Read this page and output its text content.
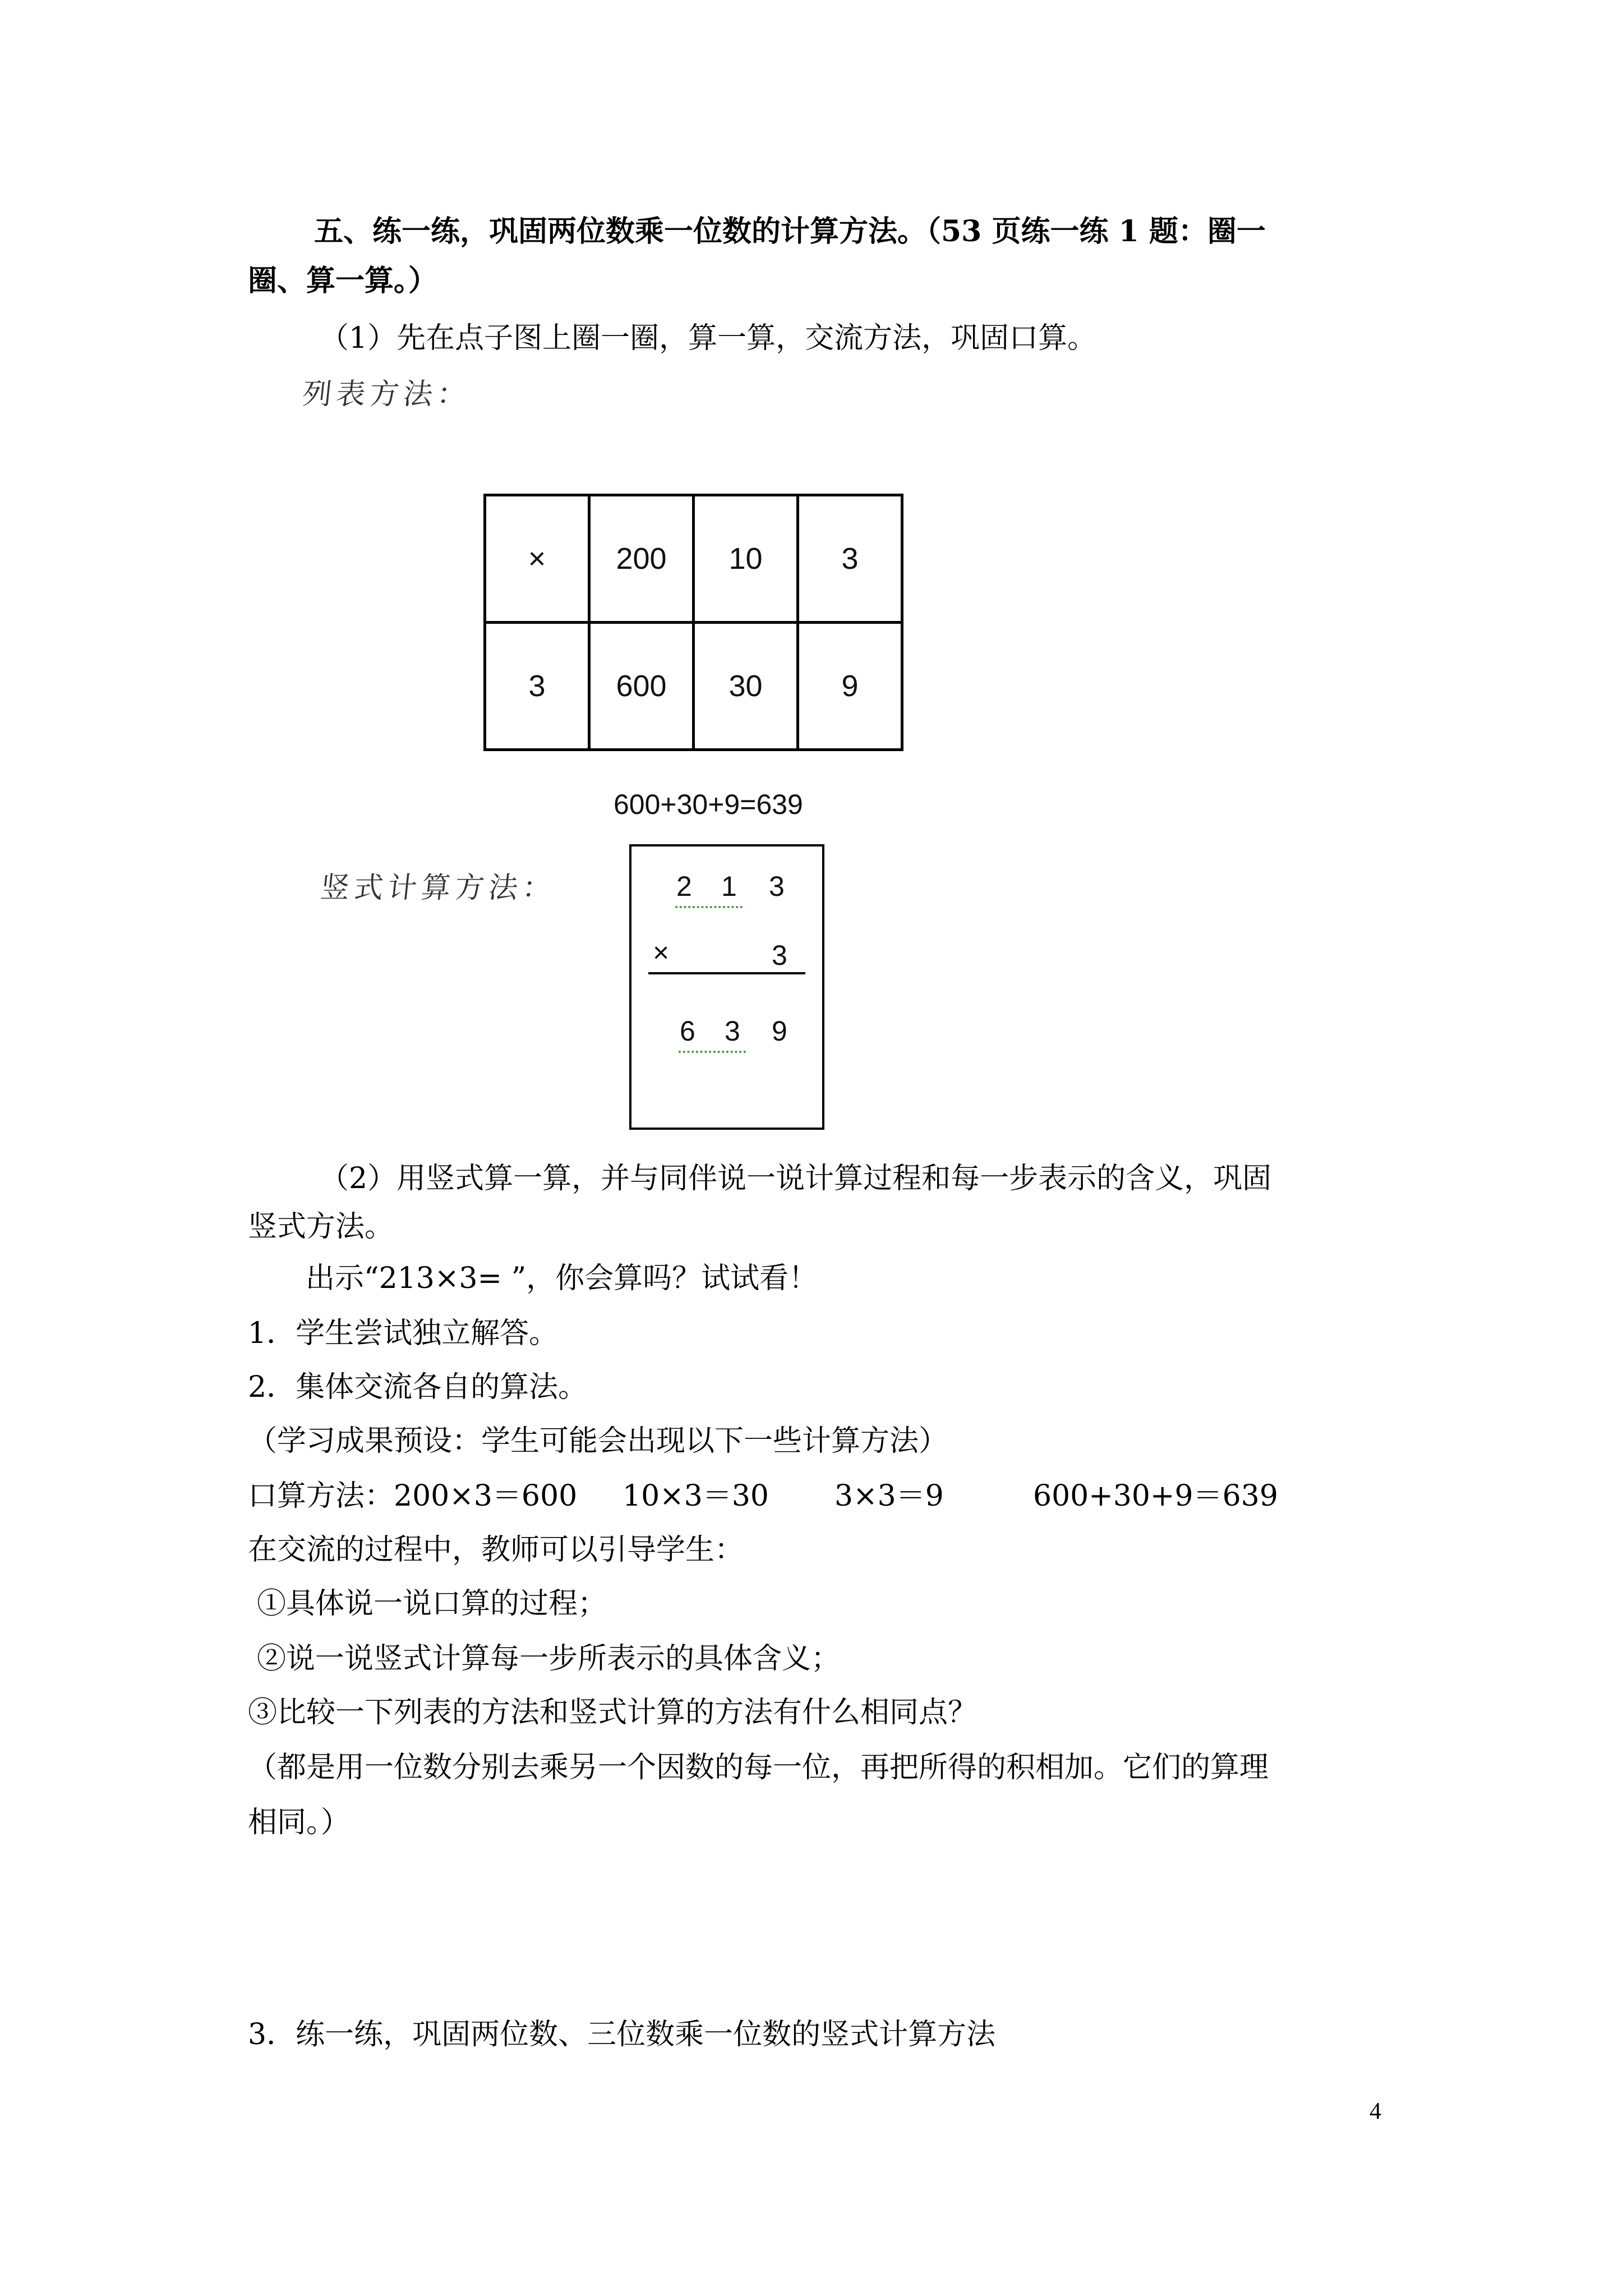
五、练一练，巩固两位数乘一位数的计算方法。（53 页练一练 1 题：圈一
圈、算一算。）
（1）先在点子图上圈一圈，算一算，交流方法，巩固口算。
列表方法：
×	200	10	3
3	600	30	9
600+30+9=639
竖式计算方法：	2 1 3
×	3
6 3 9
（2）用竖式算一算，并与同伴说一说计算过程和每一步表示的含义，巩固
竖式方法。
出示“213×3= ”，你会算吗？试试看！
1．学生尝试独立解答。
2．集体交流各自的算法。
（学习成果预设：学生可能会出现以下一些计算方法）
口算方法： 200×3＝600 10×3＝30 3×3＝9	600+30+9＝639
在交流的过程中，教师可以引导学生：
①具体说一说口算的过程；
②说一说竖式计算每一步所表示的具体含义；
③比较一下列表的方法和竖式计算的方法有什么相同点？
（都是用一位数分别去乘另一个因数的每一位，再把所得的积相加。它们的算理
相同。）
3．练一练，巩固两位数、三位数乘一位数的竖式计算方法
4
